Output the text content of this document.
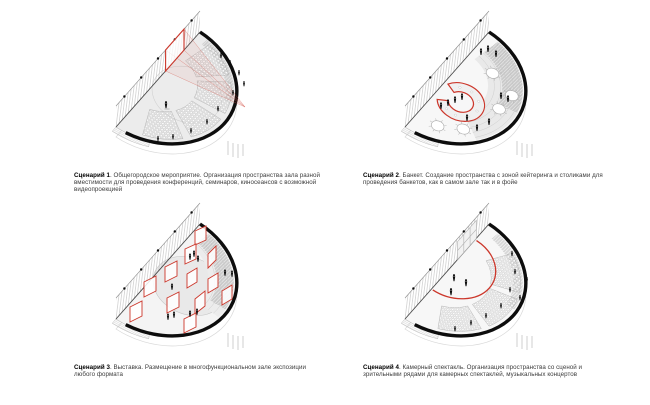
Сценарий 1. Общегородское мероприятие. Организация пространства зала разной вместимости для проведения конференций, семинаров, киносеансов с возможной видеопроекцией
Сценарий 2. Банкет. Создание пространства с зоной кейтеринга и столиками для проведения банкетов, как в самом зале так и в фойе
Сценарий 3. Выставка. Размещение в многофункциональном зале экспозиции любого формата
Сценарий 4. Камерный спектакль. Организация пространства со сценой и зрительными рядами для камерных спектаклей, музыкальных концертов
